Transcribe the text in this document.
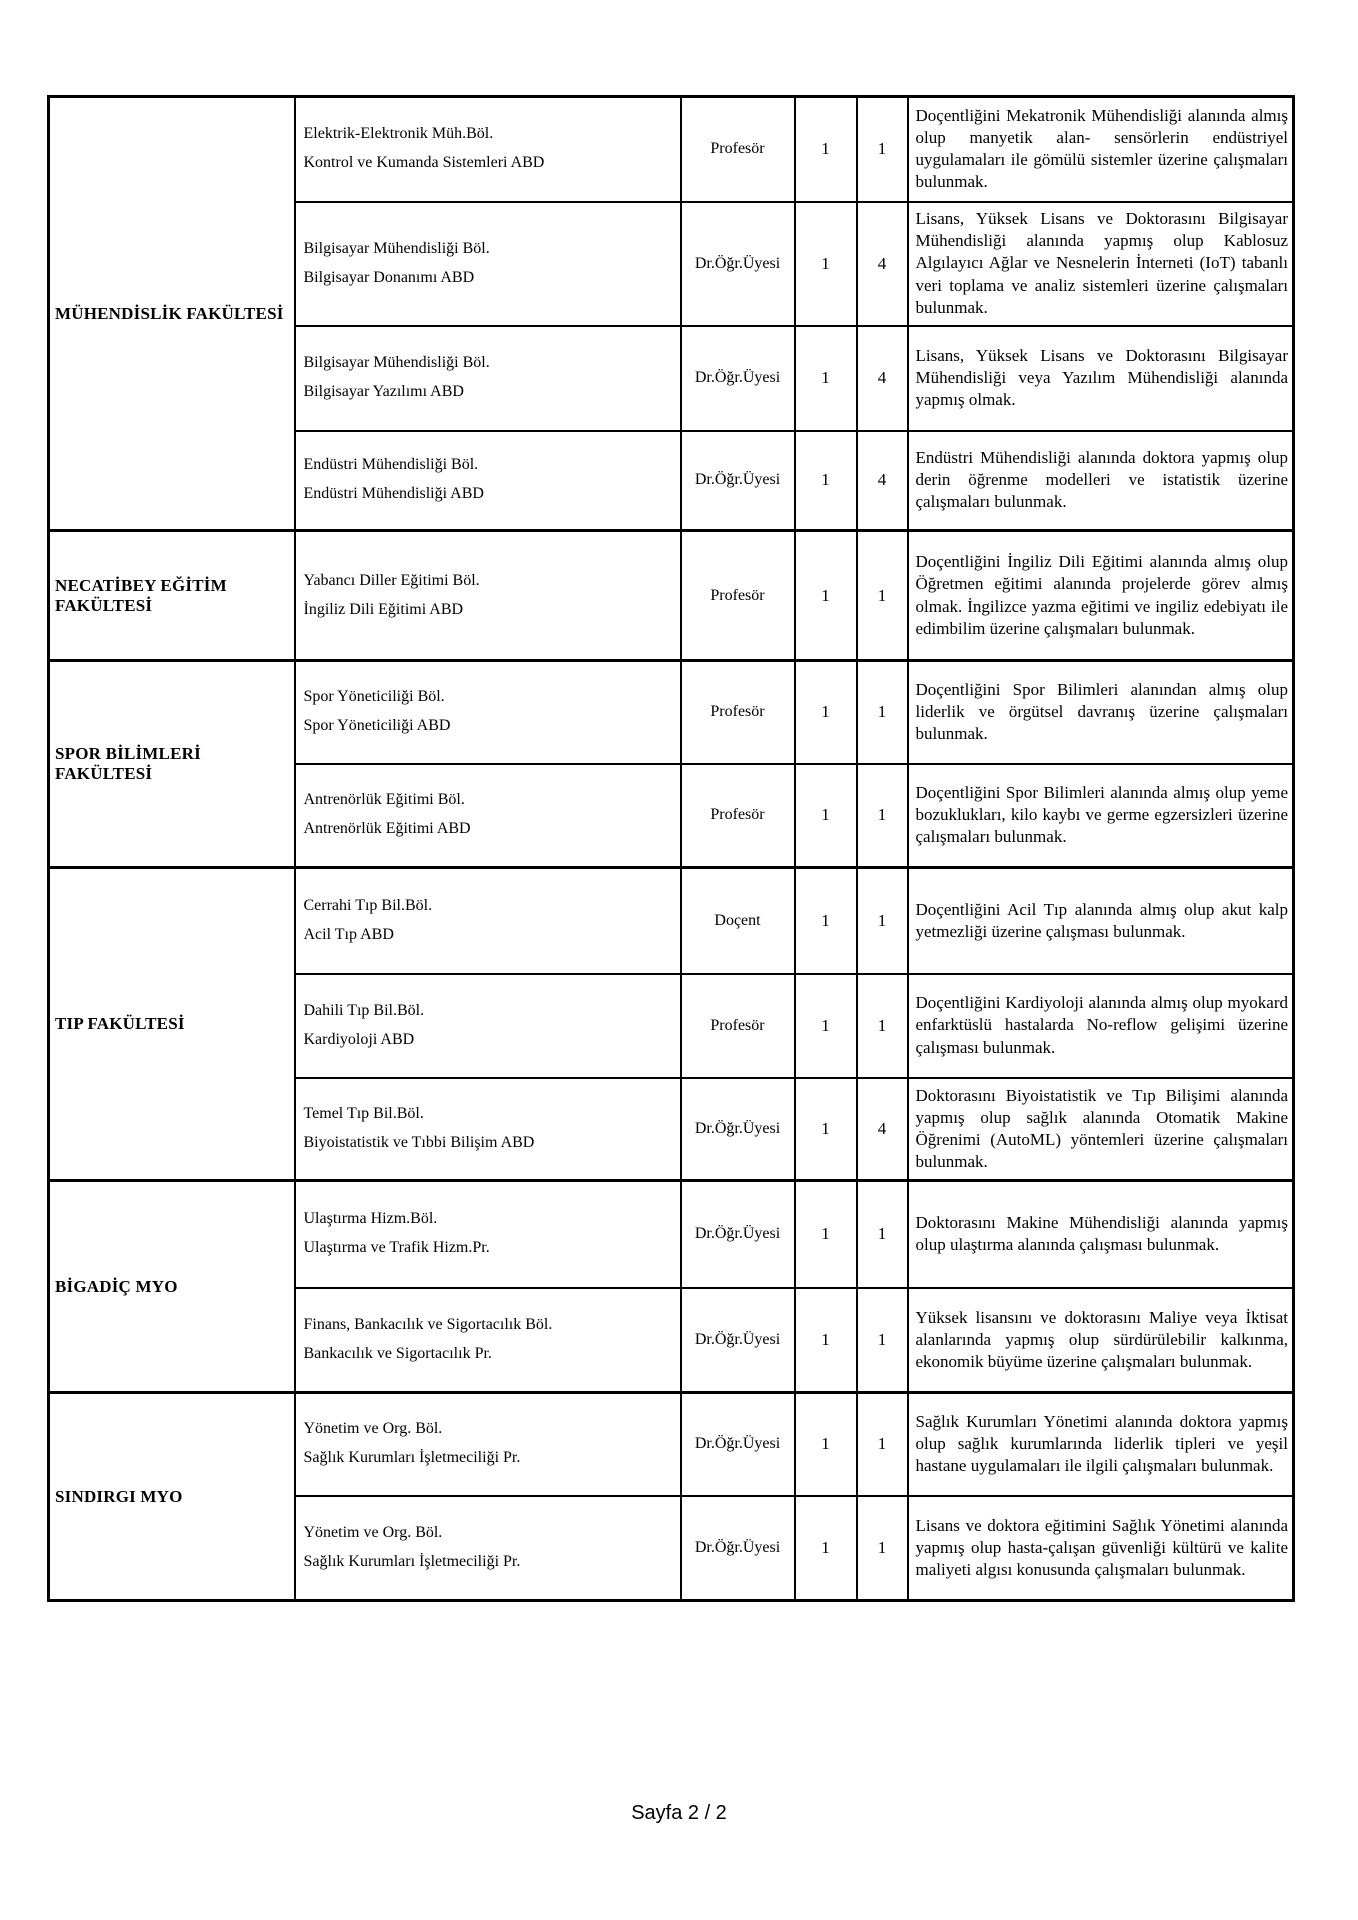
MÜHENDİSLİK FAKÜLTESİ	Elektrik-Elektronik Müh.Böl.
Kontrol ve Kumanda Sistemleri ABD	Profesör	1	1	Doçentliğini Mekatronik Mühendisliği alanında almış olup manyetik alan- sensörlerin endüstriyel uygulamaları ile gömülü sistemler üzerine çalışmaları bulunmak.

	Bilgisayar Mühendisliği Böl.
Bilgisayar Donanımı ABD	Dr.Öğr.Üyesi	1	4	Lisans, Yüksek Lisans ve Doktorasını Bilgisayar Mühendisliği alanında yapmış olup Kablosuz Algılayıcı Ağlar ve Nesnelerin İnterneti (IoT) tabanlı veri toplama ve analiz sistemleri üzerine çalışmaları bulunmak.

	Bilgisayar Mühendisliği Böl.
Bilgisayar Yazılımı ABD	Dr.Öğr.Üyesi	1	4	Lisans, Yüksek Lisans ve Doktorasını Bilgisayar Mühendisliği veya Yazılım Mühendisliği alanında yapmış olmak.

	Endüstri Mühendisliği Böl.
Endüstri Mühendisliği ABD	Dr.Öğr.Üyesi	1	4	Endüstri Mühendisliği alanında doktora yapmış olup derin öğrenme modelleri ve istatistik üzerine çalışmaları bulunmak.
NECATİBEY EĞİTİM FAKÜLTESİ	Yabancı Diller Eğitimi Böl.
İngiliz Dili Eğitimi ABD	Profesör	1	1	Doçentliğini İngiliz Dili Eğitimi alanında almış olup Öğretmen eğitimi alanında projelerde görev almış olmak. İngilizce yazma eğitimi ve ingiliz edebiyatı ile edimbilim üzerine çalışmaları bulunmak.
SPOR BİLİMLERİ FAKÜLTESİ	Spor Yöneticiliği Böl.
Spor Yöneticiliği ABD	Profesör	1	1	Doçentliğini Spor Bilimleri alanından almış olup liderlik ve örgütsel davranış üzerine çalışmaları bulunmak.

	Antrenörlük Eğitimi Böl.
Antrenörlük Eğitimi ABD	Profesör	1	1	Doçentliğini Spor Bilimleri alanında almış olup yeme bozuklukları, kilo kaybı ve germe egzersizleri üzerine çalışmaları bulunmak.
TIP FAKÜLTESİ	Cerrahi Tıp Bil.Böl.
Acil Tıp ABD	Doçent	1	1	Doçentliğini Acil Tıp alanında almış olup akut kalp yetmezliği üzerine çalışması bulunmak.

	Dahili Tıp Bil.Böl.
Kardiyoloji ABD	Profesör	1	1	Doçentliğini Kardiyoloji alanında almış olup myokard enfarktüslü hastalarda No-reflow gelişimi üzerine çalışması bulunmak.

	Temel Tıp Bil.Böl.
Biyoistatistik ve Tıbbi Bilişim ABD	Dr.Öğr.Üyesi	1	4	Doktorasını Biyoistatistik ve Tıp Bilişimi alanında yapmış olup sağlık alanında Otomatik Makine Öğrenimi (AutoML) yöntemleri üzerine çalışmaları bulunmak.
BİGADİÇ MYO	Ulaştırma Hizm.Böl.
Ulaştırma ve Trafik Hizm.Pr.	Dr.Öğr.Üyesi	1	1	Doktorasını Makine Mühendisliği alanında yapmış olup ulaştırma alanında çalışması bulunmak.

	Finans, Bankacılık ve Sigortacılık Böl.
Bankacılık ve Sigortacılık Pr.	Dr.Öğr.Üyesi	1	1	Yüksek lisansını ve doktorasını Maliye veya İktisat alanlarında yapmış olup sürdürülebilir kalkınma, ekonomik büyüme üzerine çalışmaları bulunmak.
SINDIRGI MYO	Yönetim ve Org. Böl.
Sağlık Kurumları İşletmeciliği Pr.	Dr.Öğr.Üyesi	1	1	Sağlık Kurumları Yönetimi alanında doktora yapmış olup sağlık kurumlarında liderlik tipleri ve yeşil hastane uygulamaları ile ilgili çalışmaları bulunmak.

	Yönetim ve Org. Böl.
Sağlık Kurumları İşletmeciliği Pr.	Dr.Öğr.Üyesi	1	1	Lisans ve doktora eğitimini Sağlık Yönetimi alanında yapmış olup hasta-çalışan güvenliği kültürü ve kalite maliyeti algısı konusunda çalışmaları bulunmak.
Sayfa 2 / 2
